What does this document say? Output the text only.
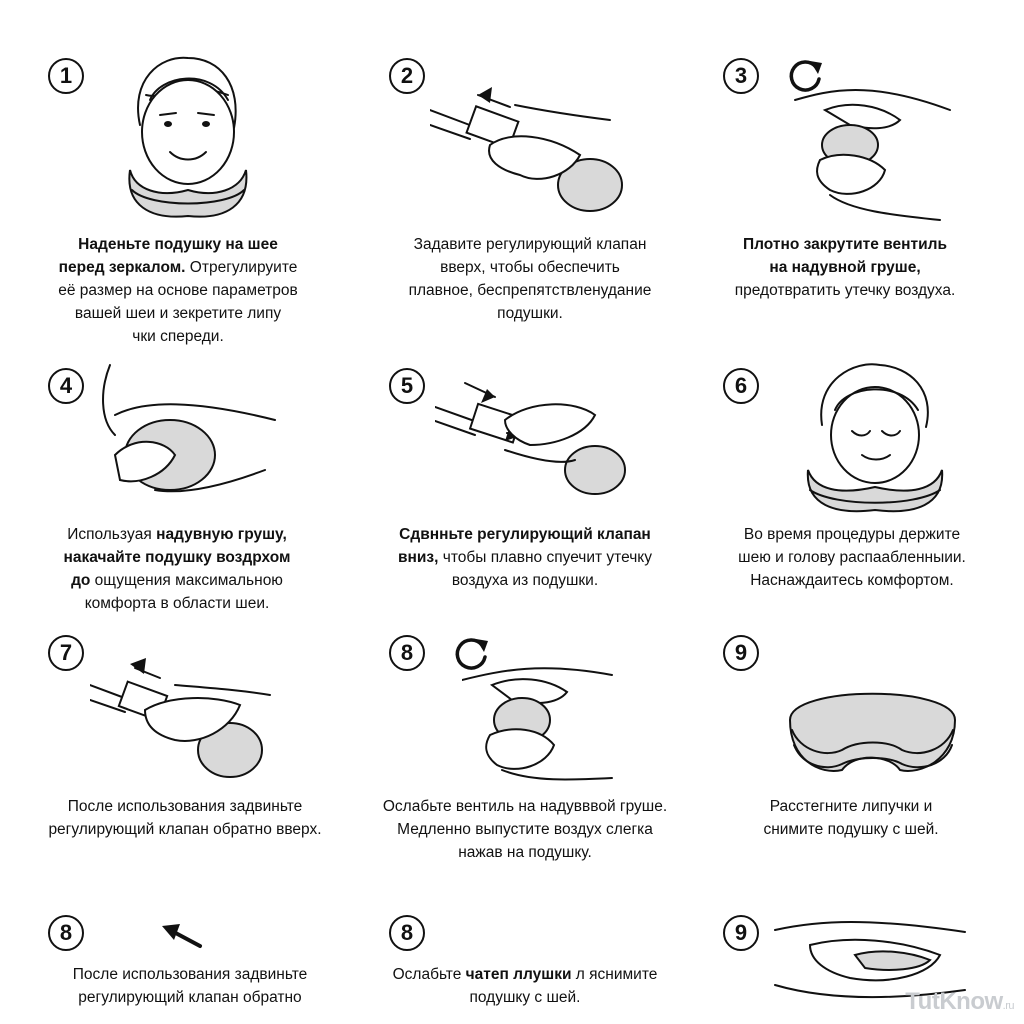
1
Наденьте подушку на шее
перед зеркалом. Отрегулируите
её размер на основе параметров
вашей шеи и зекретите липу
чки спереди.
2
Задавите регулирующий клапан
вверх, чтобы обеспечить
плавное, беспрепятствленуданиe
подушки.
3
Плотно закрутите вентиль
на надувной груше,
предотвратить утечку воздуха.
4
Использyaя надувную грушу,
накачайте подушку воздрхом
до ощущения максимальною
комфорта в области шеи.
5
Сдвнньте регулирующий клапан
вниз, чтобы плавно спуечит утечку
воздуха из подушки.
6
Во время процедуры держите
шею и голову распаабленныии.
Наснаждаитесь комфортом.
7
После использования задвиньте
регулирующий клапан обратно вверх.
8
Ослабьте вентиль на надувввой груше.
Медленно выпустите воздух слегка
нажав на подушку.
9
Расстегните липучки и
снимите подушку с шей.
8
После использования задвиньте
регулирующий клапан обратно
8
Ослабьте чатеп ллушки л яснимите
подушку с шей.
9
TutKnow.ru
